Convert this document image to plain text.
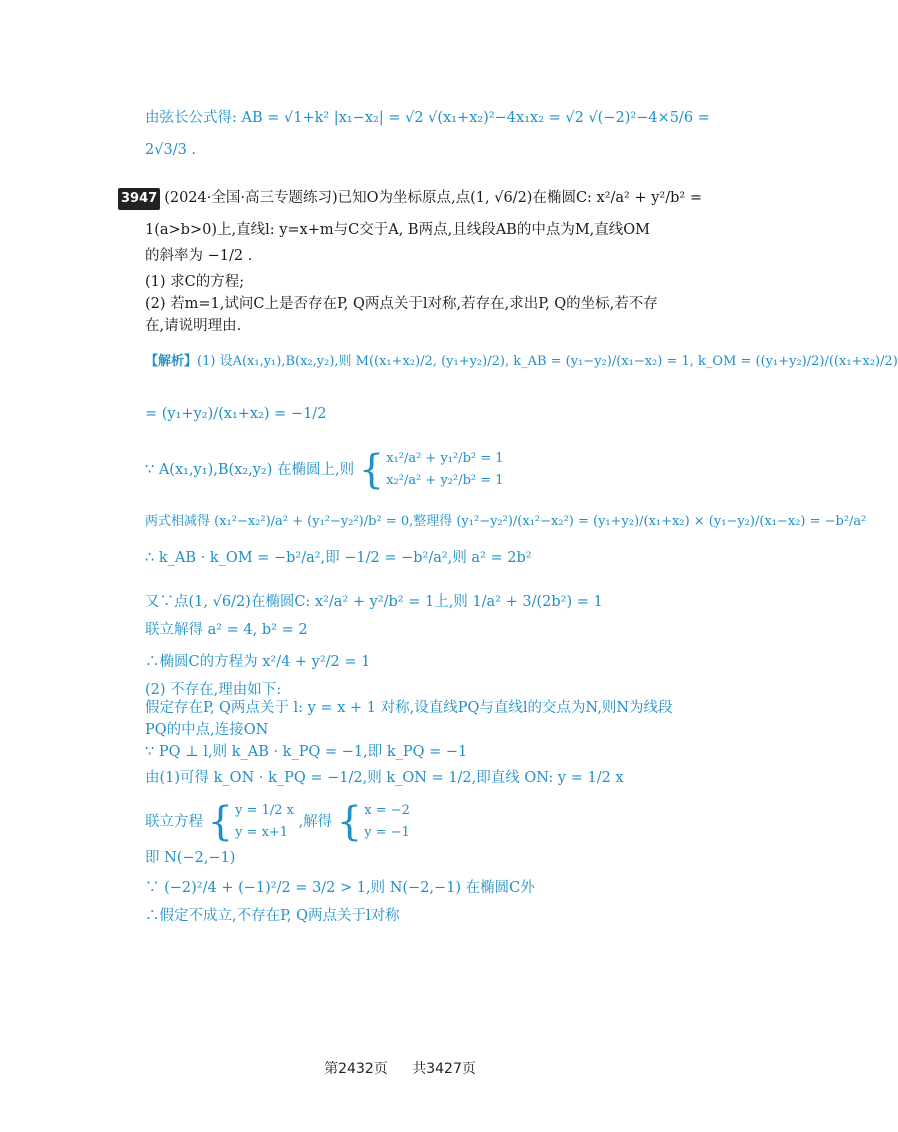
由弦长公式得: AB = √1+k² |x₁−x₂| = √2 √(x₁+x₂)²−4x₁x₂ = √2 √(−2)²−4×5/6 =
2√3/3 .
3947 (2024·全国·高三专题练习)已知O为坐标原点,点(1, √6/2)在椭圆C: x²/a² + y²/b² =
1(a>b>0)上,直线l: y=x+m与C交于A, B两点,且线段AB的中点为M,直线OM
的斜率为 −1/2 .
(1) 求C的方程;
(2) 若m=1,试问C上是否存在P, Q两点关于l对称,若存在,求出P, Q的坐标,若不存
在,请说明理由.
【解析】(1) 设A(x₁,y₁),B(x₂,y₂),则 M((x₁+x₂)/2, (y₁+y₂)/2), k_AB = (y₁−y₂)/(x₁−x₂) = 1, k_OM = ((y₁+y₂)/2)/((x₁+x₂)/2)
= (y₁+y₂)/(x₁+x₂) = −1/2
∵ A(x₁,y₁),B(x₂,y₂) 在椭圆上,则 { x₁²/a² + y₁²/b² = 1
x₂²/a² + y₂²/b² = 1
两式相减得 (x₁²−x₂²)/a² + (y₁²−y₂²)/b² = 0,整理得 (y₁²−y₂²)/(x₁²−x₂²) = (y₁+y₂)/(x₁+x₂) × (y₁−y₂)/(x₁−x₂) = −b²/a²
∴ k_AB · k_OM = −b²/a²,即 −1/2 = −b²/a²,则 a² = 2b²
又∵点(1, √6/2)在椭圆C: x²/a² + y²/b² = 1上,则 1/a² + 3/(2b²) = 1
联立解得 a² = 4, b² = 2
∴椭圆C的方程为 x²/4 + y²/2 = 1
(2) 不存在,理由如下:
假定存在P, Q两点关于 l: y = x + 1 对称,设直线PQ与直线l的交点为N,则N为线段
PQ的中点,连接ON
∵ PQ ⊥ l,则 k_AB · k_PQ = −1,即 k_PQ = −1
由(1)可得 k_ON · k_PQ = −1/2,则 k_ON = 1/2,即直线 ON: y = 1/2 x
联立方程 { y = 1/2 x
y = x+1
,解得 { x = −2
y = −1
即 N(−2,−1)
∵ (−2)²/4 + (−1)²/2 = 3/2 > 1,则 N(−2,−1) 在椭圆C外
∴假定不成立,不存在P, Q两点关于l对称
第2432页 共3427页
